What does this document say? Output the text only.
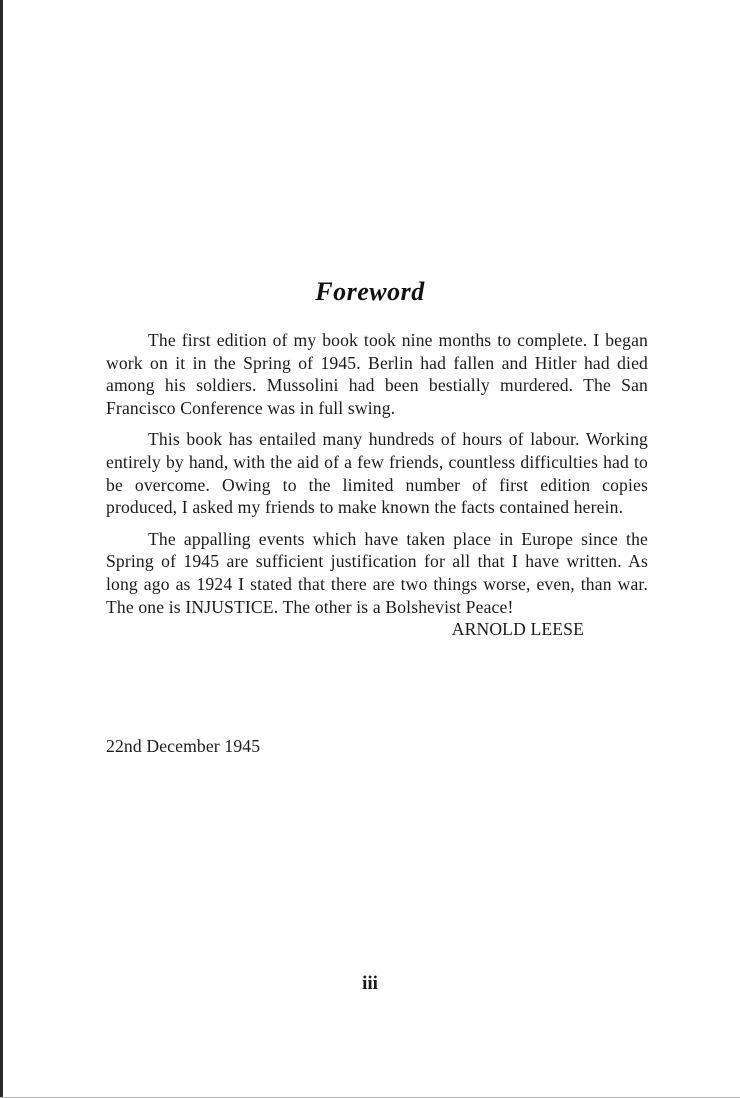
Foreword

The first edition of my book took nine months to complete. I began work on it in the Spring of 1945. Berlin had fallen and Hitler had died among his soldiers. Mussolini had been bestially murdered. The San Francisco Conference was in full swing.

This book has entailed many hundreds of hours of labour. Working entirely by hand, with the aid of a few friends, countless difficulties had to be overcome. Owing to the limited number of first edition copies produced, I asked my friends to make known the facts contained herein.

The appalling events which have taken place in Europe since the Spring of 1945 are sufficient justification for all that I have written. As long ago as 1924 I stated that there are two things worse, even, than war. The one is INJUSTICE. The other is a Bolshevist Peace!

ARNOLD LEESE

22nd December 1945
iii
